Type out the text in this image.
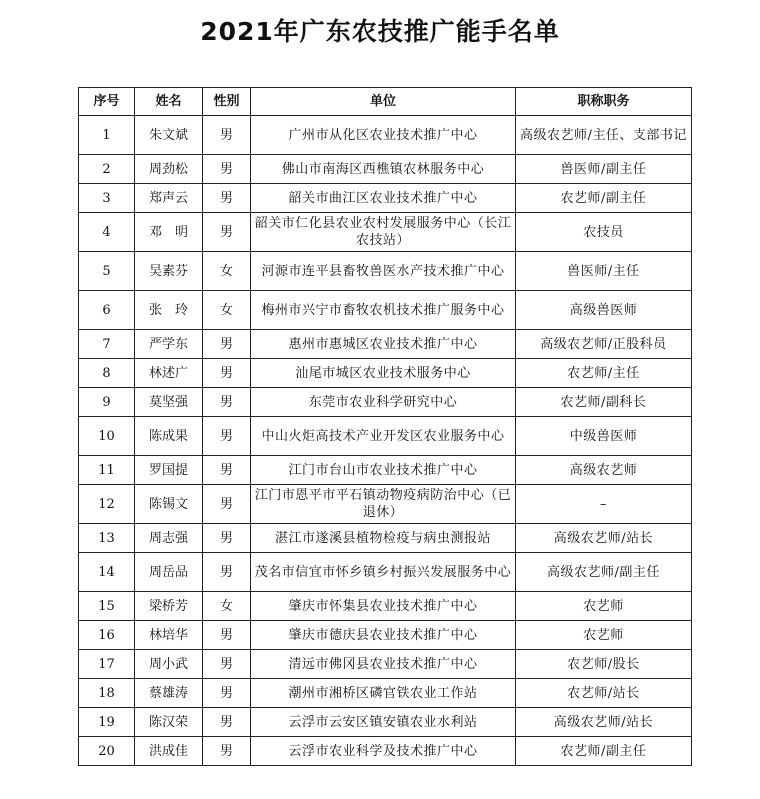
2021年广东农技推广能手名单
序号	姓名	性别	单位	职称职务
1	朱文斌	男	广州市从化区农业技术推广中心	高级农艺师/主任、支部书记
2	周劲松	男	佛山市南海区西樵镇农林服务中心	兽医师/副主任
3	郑声云	男	韶关市曲江区农业技术推广中心	农艺师/副主任
4	邓　明	男	韶关市仁化县农业农村发展服务中心（长江农技站）	农技员
5	吴素芬	女	河源市连平县畜牧兽医水产技术推广中心	兽医师/主任
6	张　玲	女	梅州市兴宁市畜牧农机技术推广服务中心	高级兽医师
7	严学东	男	惠州市惠城区农业技术推广中心	高级农艺师/正股科员
8	林述广	男	汕尾市城区农业技术服务中心	农艺师/主任
9	莫坚强	男	东莞市农业科学研究中心	农艺师/副科长
10	陈成果	男	中山火炬高技术产业开发区农业服务中心	中级兽医师
11	罗国提	男	江门市台山市农业技术推广中心	高级农艺师
12	陈锡文	男	江门市恩平市平石镇动物疫病防治中心（已退休）	–
13	周志强	男	湛江市遂溪县植物检疫与病虫测报站	高级农艺师/站长
14	周岳品	男	茂名市信宜市怀乡镇乡村振兴发展服务中心	高级农艺师/副主任
15	梁桥芳	女	肇庆市怀集县农业技术推广中心	农艺师
16	林培华	男	肇庆市德庆县农业技术推广中心	农艺师
17	周小武	男	清远市佛冈县农业技术推广中心	农艺师/股长
18	蔡雄涛	男	潮州市湘桥区磷官铁农业工作站	农艺师/站长
19	陈汉荣	男	云浮市云安区镇安镇农业水利站	高级农艺师/站长
20	洪成佳	男	云浮市农业科学及技术推广中心	农艺师/副主任
